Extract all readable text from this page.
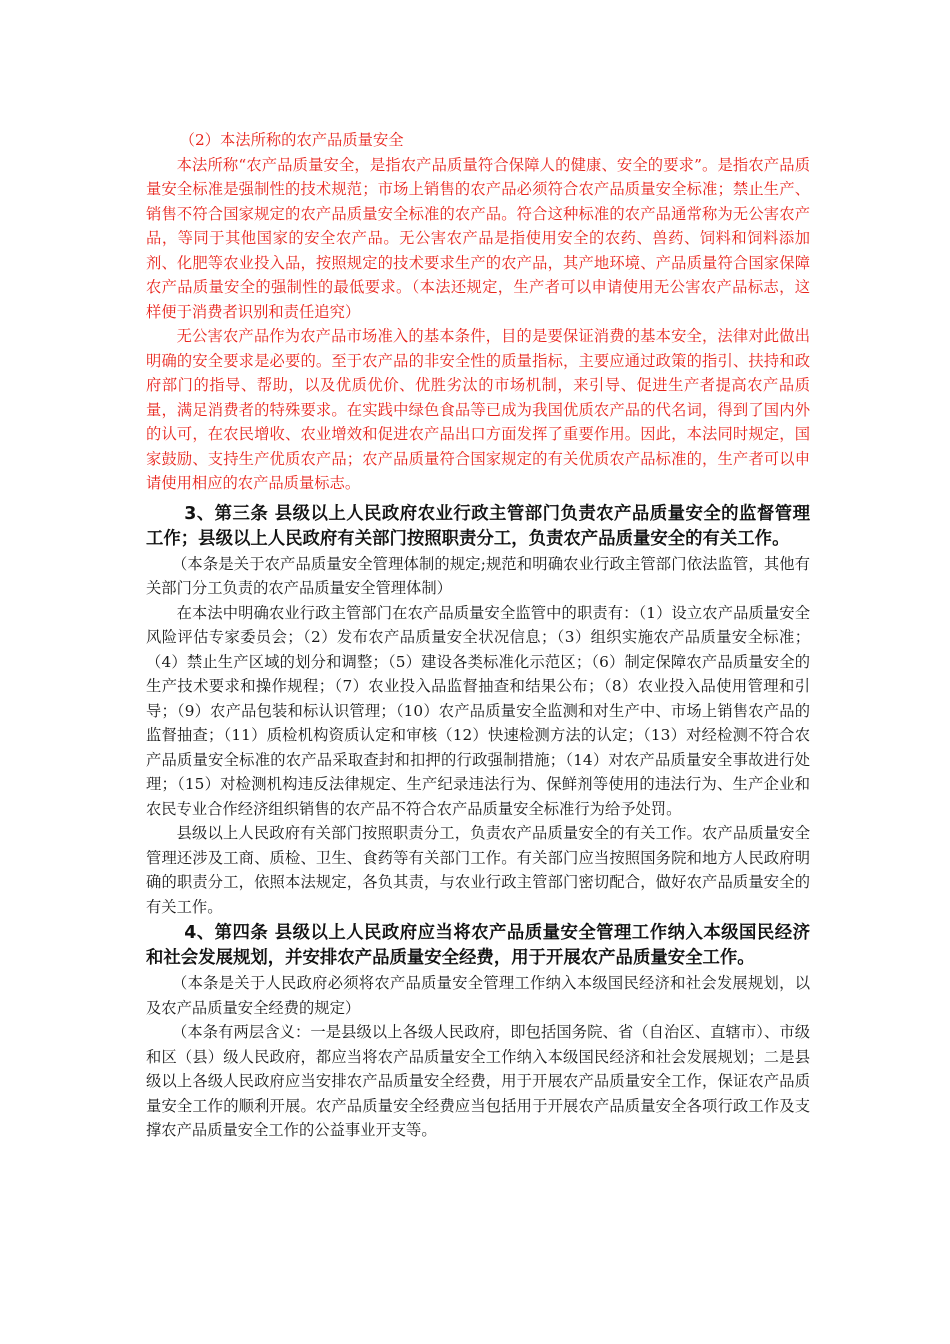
（2）本法所称的农产品质量安全

本法所称“农产品质量安全，是指农产品质量符合保障人的健康、安全的要求”。是指农产品质量安全标准是强制性的技术规范；市场上销售的农产品必须符合农产品质量安全标准；禁止生产、销售不符合国家规定的农产品质量安全标准的农产品。符合这种标准的农产品通常称为无公害农产品，等同于其他国家的安全农产品。无公害农产品是指使用安全的农药、兽药、饲料和饲料添加剂、化肥等农业投入品，按照规定的技术要求生产的农产品，其产地环境、产品质量符合国家保障农产品质量安全的强制性的最低要求。（本法还规定，生产者可以申请使用无公害农产品标志，这样便于消费者识别和责任追究）

无公害农产品作为农产品市场准入的基本条件，目的是要保证消费的基本安全，法律对此做出明确的安全要求是必要的。至于农产品的非安全性的质量指标，主要应通过政策的指引、扶持和政府部门的指导、帮助，以及优质优价、优胜劣汰的市场机制，来引导、促进生产者提高农产品质量，满足消费者的特殊要求。在实践中绿色食品等已成为我国优质农产品的代名词，得到了国内外的认可，在农民增收、农业增效和促进农产品出口方面发挥了重要作用。因此，本法同时规定，国家鼓励、支持生产优质农产品；农产品质量符合国家规定的有关优质农产品标准的，生产者可以申请使用相应的农产品质量标志。

3、第三条 县级以上人民政府农业行政主管部门负责农产品质量安全的监督管理工作；县级以上人民政府有关部门按照职责分工，负责农产品质量安全的有关工作。

（本条是关于农产品质量安全管理体制的规定;规范和明确农业行政主管部门依法监管，其他有关部门分工负责的农产品质量安全管理体制）

在本法中明确农业行政主管部门在农产品质量安全监管中的职责有：（1）设立农产品质量安全风险评估专家委员会；（2）发布农产品质量安全状况信息；（3）组织实施农产品质量安全标准；（4）禁止生产区域的划分和调整；（5）建设各类标准化示范区；（6）制定保障农产品质量安全的生产技术要求和操作规程；（7）农业投入品监督抽查和结果公布；（8）农业投入品使用管理和引导；（9）农产品包装和标认识管理；（10）农产品质量安全监测和对生产中、市场上销售农产品的监督抽查；（11）质检机构资质认定和审核（12）快速检测方法的认定；（13）对经检测不符合农产品质量安全标准的农产品采取查封和扣押的行政强制措施；（14）对农产品质量安全事故进行处理；（15）对检测机构违反法律规定、生产纪录违法行为、保鲜剂等使用的违法行为、生产企业和农民专业合作经济组织销售的农产品不符合农产品质量安全标准行为给予处罚。

县级以上人民政府有关部门按照职责分工，负责农产品质量安全的有关工作。农产品质量安全管理还涉及工商、质检、卫生、食药等有关部门工作。有关部门应当按照国务院和地方人民政府明确的职责分工，依照本法规定，各负其责，与农业行政主管部门密切配合，做好农产品质量安全的有关工作。

4、第四条 县级以上人民政府应当将农产品质量安全管理工作纳入本级国民经济和社会发展规划，并安排农产品质量安全经费，用于开展农产品质量安全工作。

（本条是关于人民政府必须将农产品质量安全管理工作纳入本级国民经济和社会发展规划，以及农产品质量安全经费的规定）

（本条有两层含义：一是县级以上各级人民政府，即包括国务院、省（自治区、直辖市）、市级和区（县）级人民政府，都应当将农产品质量安全工作纳入本级国民经济和社会发展规划；二是县级以上各级人民政府应当安排农产品质量安全经费，用于开展农产品质量安全工作，保证农产品质量安全工作的顺利开展。农产品质量安全经费应当包括用于开展农产品质量安全各项行政工作及支撑农产品质量安全工作的公益事业开支等。
